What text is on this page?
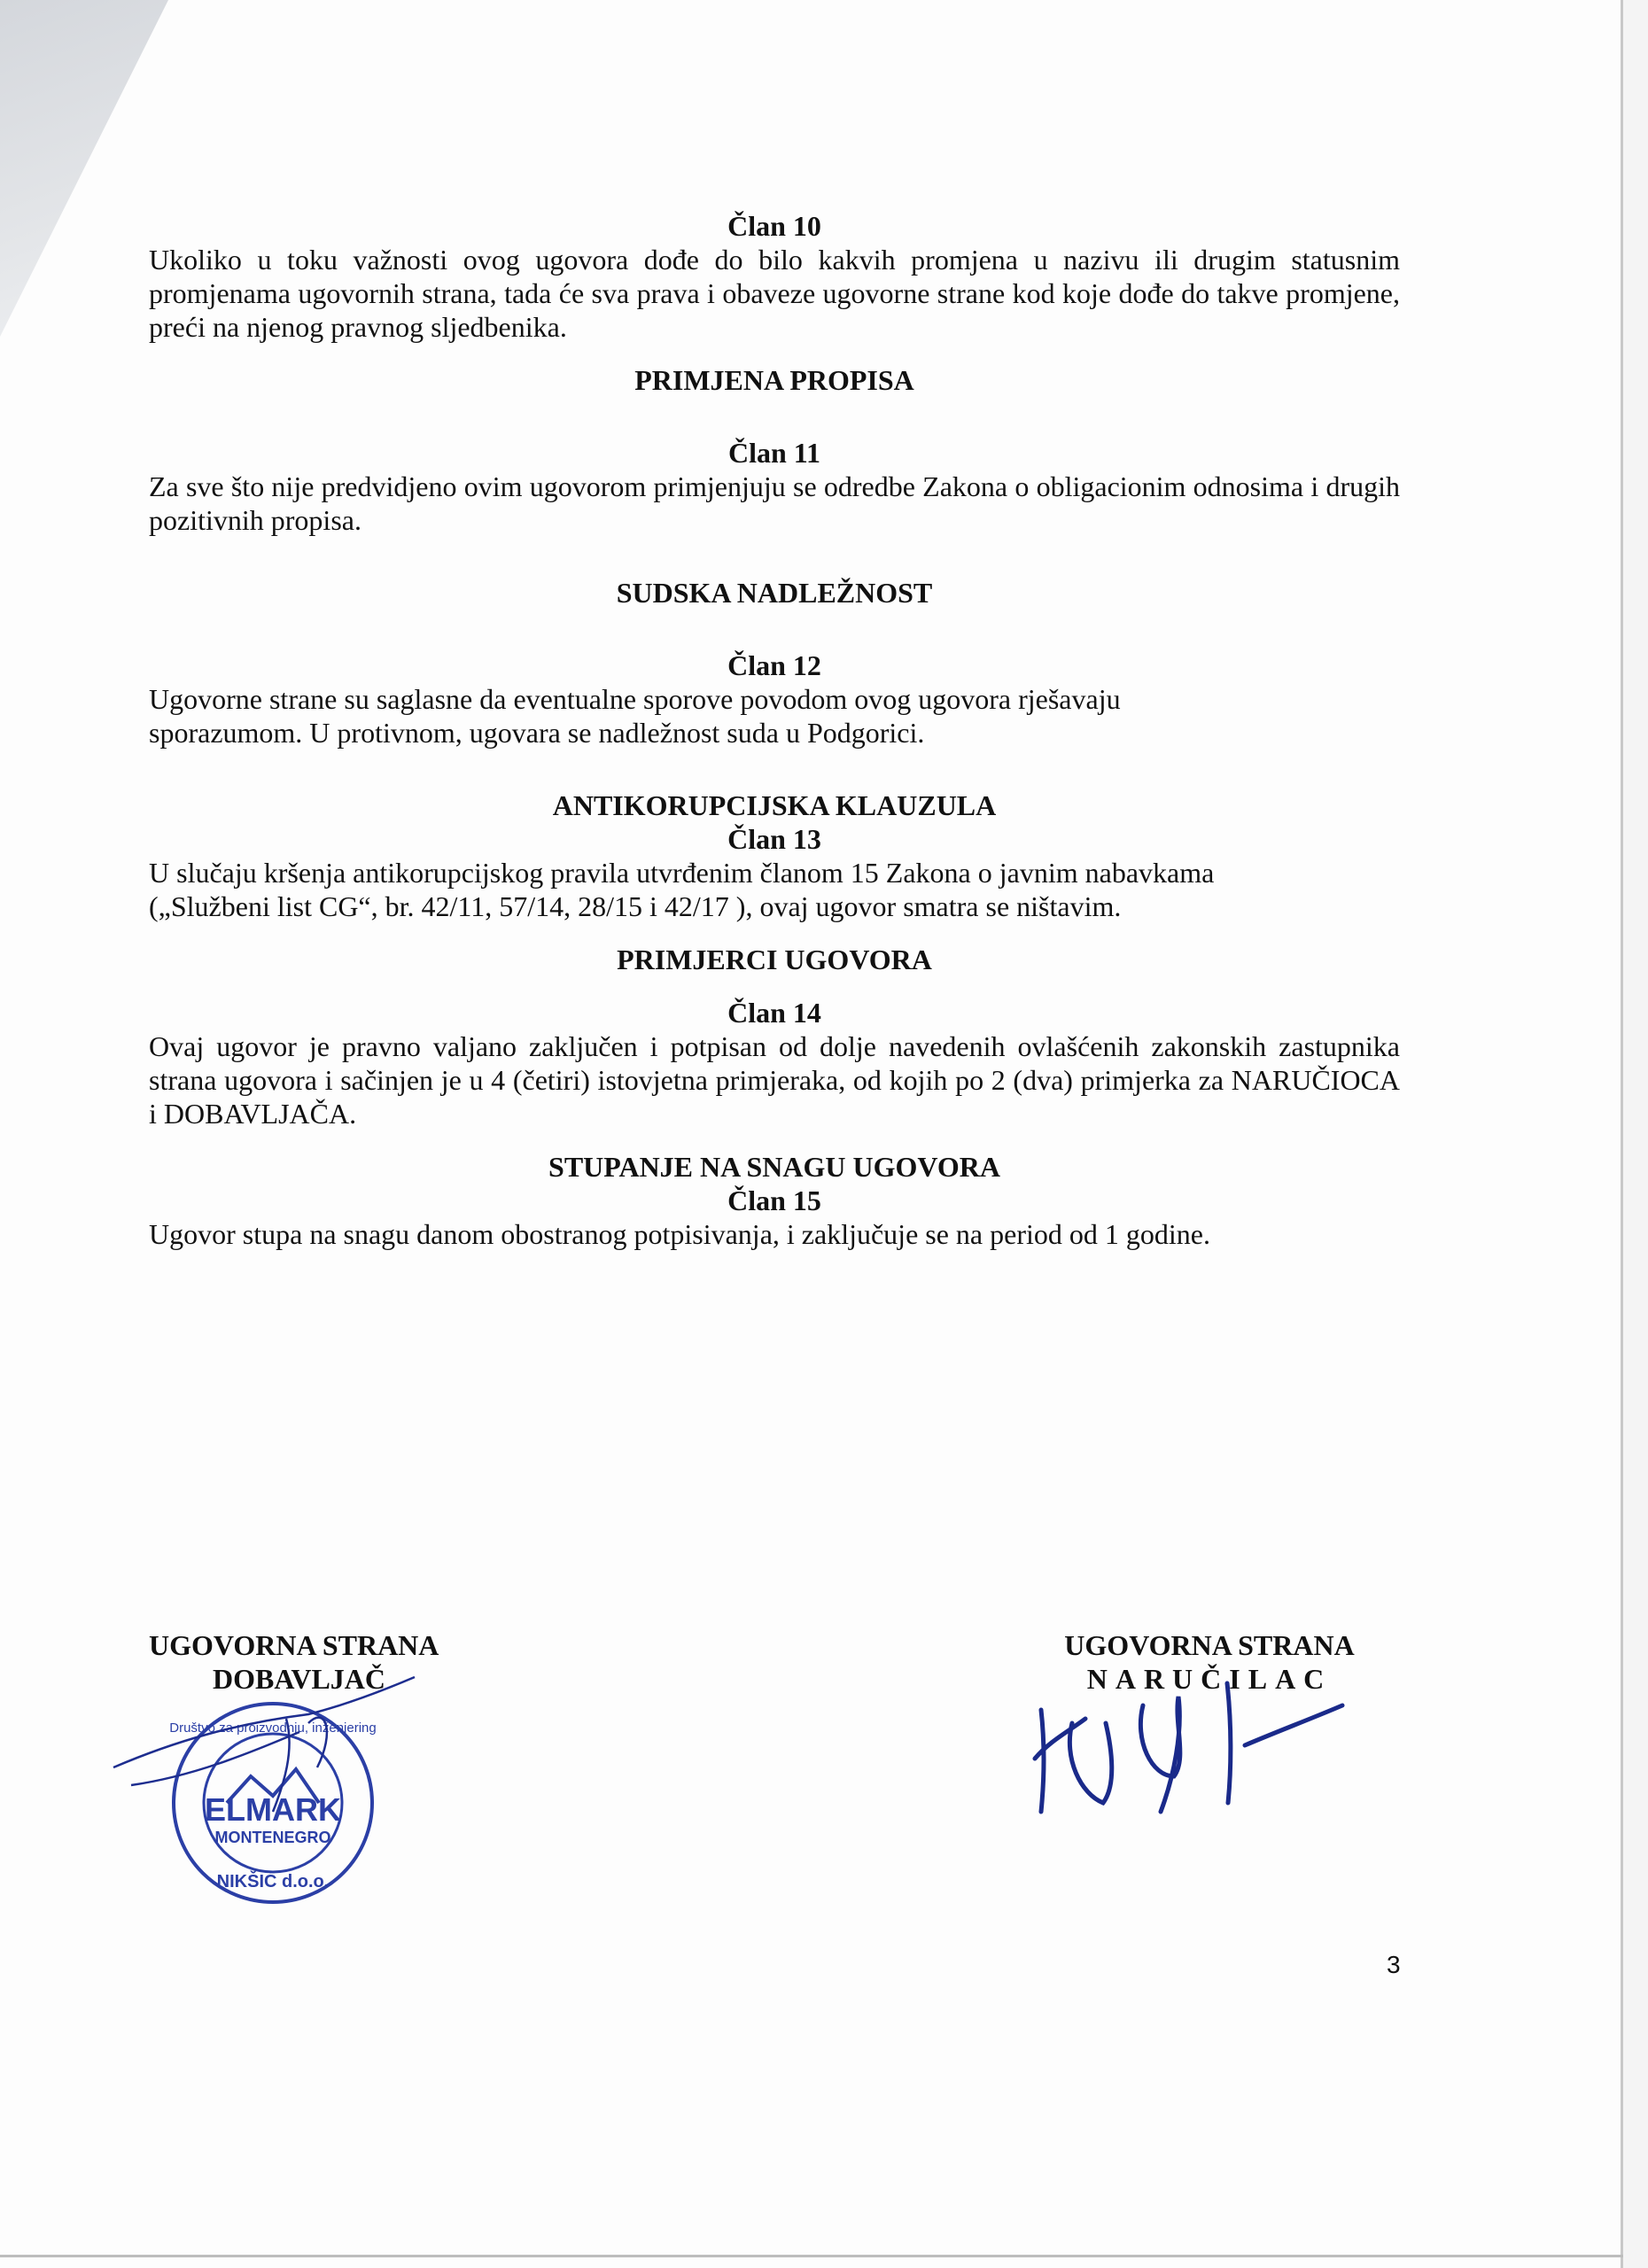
Član 10

Ukoliko u toku važnosti ovog ugovora dođe do bilo kakvih promjena u nazivu ili drugim statusnim promjenama ugovornih strana, tada će sva prava i obaveze ugovorne strane kod koje dođe do takve promjene, preći na njenog pravnog sljedbenika.

PRIMJENA PROPISA

Član 11

Za sve što nije predvidjeno ovim ugovorom primjenjuju se odredbe Zakona o obligacionim odnosima i drugih pozitivnih propisa.

SUDSKA NADLEŽNOST

Član 12

Ugovorne strane su saglasne da eventualne sporove povodom ovog ugovora rješavaju

sporazumom. U protivnom, ugovara se nadležnost suda u Podgorici.

ANTIKORUPCIJSKA KLAUZULA

Član 13

U slučaju kršenja antikorupcijskog pravila utvrđenim članom 15 Zakona o javnim nabavkama

(„Službeni list CG“, br. 42/11, 57/14, 28/15 i 42/17 ), ovaj ugovor smatra se ništavim.

PRIMJERCI UGOVORA

Član 14

Ovaj ugovor je pravno valjano zaključen i potpisan od dolje navedenih ovlašćenih zakonskih zastupnika strana ugovora i sačinjen je u 4 (četiri) istovjetna primjeraka, od kojih po 2 (dva) primjerka za NARUČIOCA i DOBAVLJAČA.

STUPANJE NA SNAGU UGOVORA

Član 15

Ugovor stupa na snagu danom obostranog potpisivanja, i zaključuje se na period od 1 godine.

UGOVORNA STRANA
DOBAVLJAČ
UGOVORNA STRANA
NARUČILAC
ELMARK
MONTENEGRO
NIKŠIĆ d.o.o.
Društvo za proizvodnju, inženjering
3
